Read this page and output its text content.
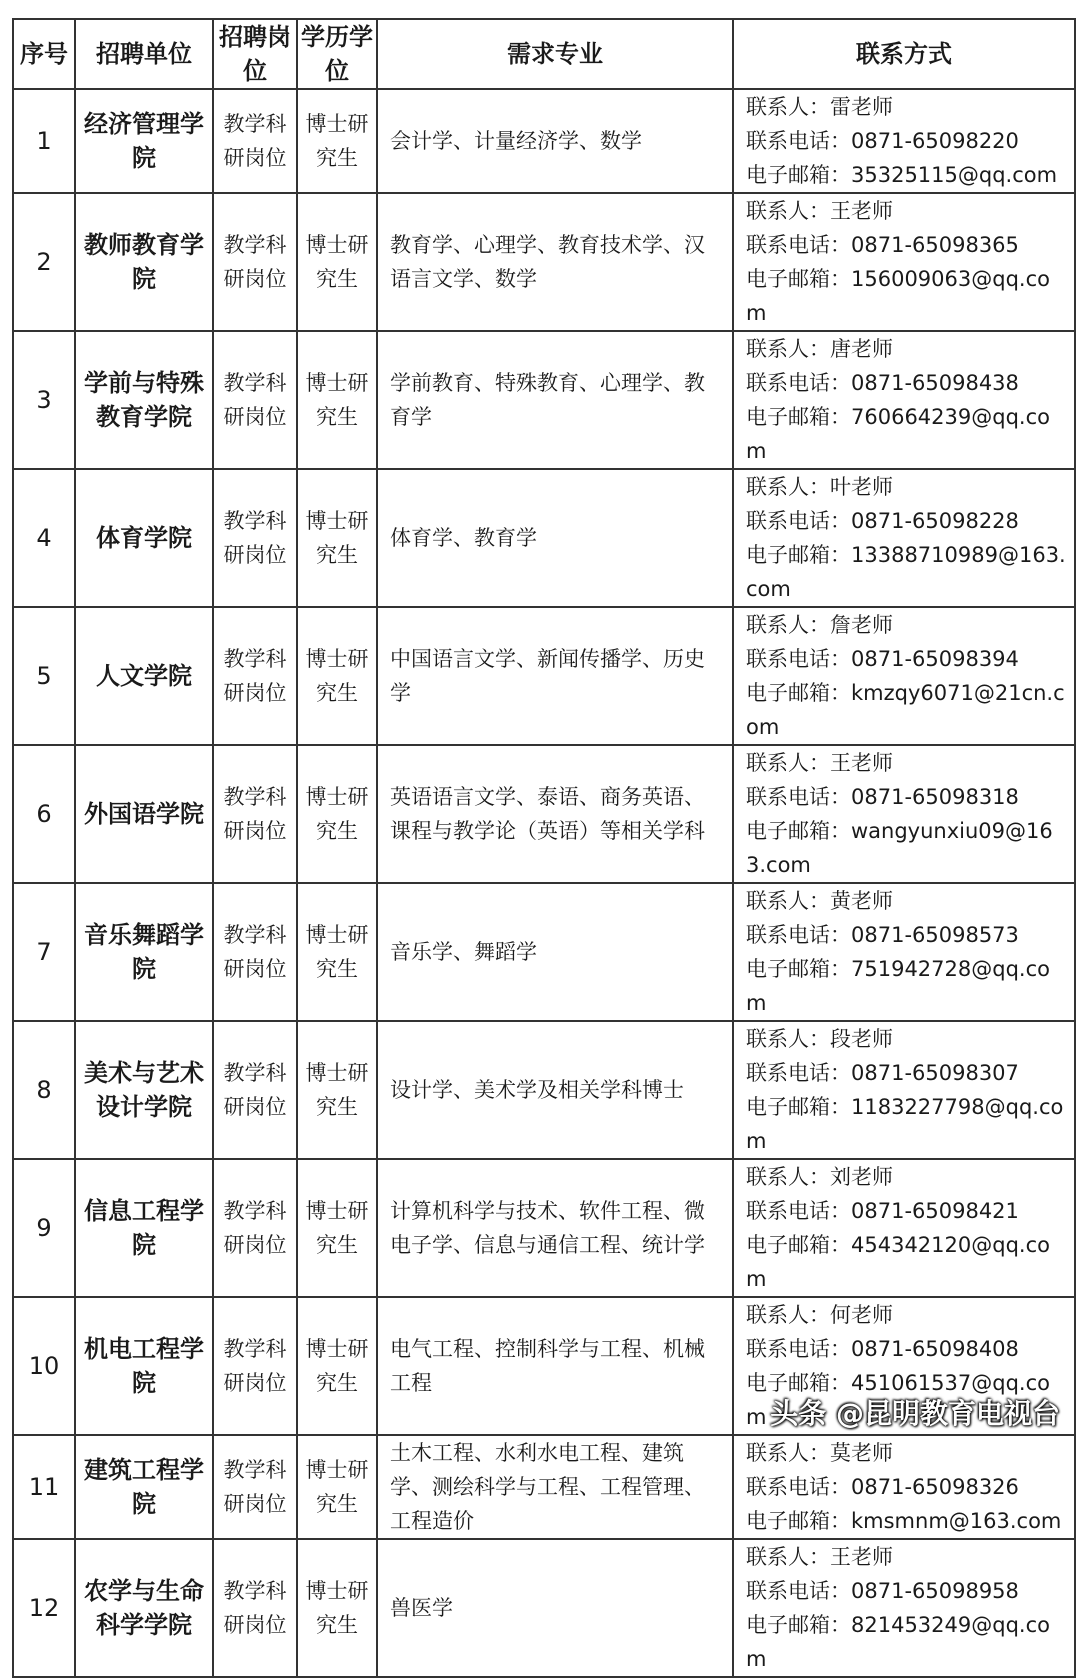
序号	招聘单位	招聘岗位	学历学位	需求专业	联系方式
1	经济管理学院	教学科研岗位	博士研究生	会计学、计量经济学、数学	联系人：雷老师
联系电话：0871-65098220
电子邮箱：35325115@qq.com

2	教师教育学院	教学科研岗位	博士研究生	教育学、心理学、教育技术学、汉语言文学、数学	联系人：王老师
联系电话：0871-65098365
电子邮箱：156009063@qq.com

3	学前与特殊教育学院	教学科研岗位	博士研究生	学前教育、特殊教育、心理学、教育学	联系人：唐老师
联系电话：0871-65098438
电子邮箱：760664239@qq.com

4	体育学院	教学科研岗位	博士研究生	体育学、教育学	联系人：叶老师
联系电话：0871-65098228
电子邮箱：13388710989@163.com

5	人文学院	教学科研岗位	博士研究生	中国语言文学、新闻传播学、历史学	联系人：詹老师
联系电话：0871-65098394
电子邮箱：kmzqy6071@21cn.com

6	外国语学院	教学科研岗位	博士研究生	英语语言文学、泰语、商务英语、课程与教学论（英语）等相关学科	联系人：王老师
联系电话：0871-65098318
电子邮箱：wangyunxiu09@163.com

7	音乐舞蹈学院	教学科研岗位	博士研究生	音乐学、舞蹈学	联系人：黄老师
联系电话：0871-65098573
电子邮箱：751942728@qq.com

8	美术与艺术设计学院	教学科研岗位	博士研究生	设计学、美术学及相关学科博士	联系人：段老师
联系电话：0871-65098307
电子邮箱：1183227798@qq.com

9	信息工程学院	教学科研岗位	博士研究生	计算机科学与技术、软件工程、微电子学、信息与通信工程、统计学	联系人：刘老师
联系电话：0871-65098421
电子邮箱：454342120@qq.com

10	机电工程学院	教学科研岗位	博士研究生	电气工程、控制科学与工程、机械工程	联系人：何老师
联系电话：0871-65098408
电子邮箱：451061537@qq.com

11	建筑工程学院	教学科研岗位	博士研究生	土木工程、水利水电工程、建筑学、测绘科学与工程、工程管理、工程造价	联系人：莫老师
联系电话：0871-65098326
电子邮箱：kmsmnm@163.com

12	农学与生命科学学院	教学科研岗位	博士研究生	兽医学	联系人：王老师
联系电话：0871-65098958
电子邮箱：821453249@qq.com
头条 @昆明教育电视台
